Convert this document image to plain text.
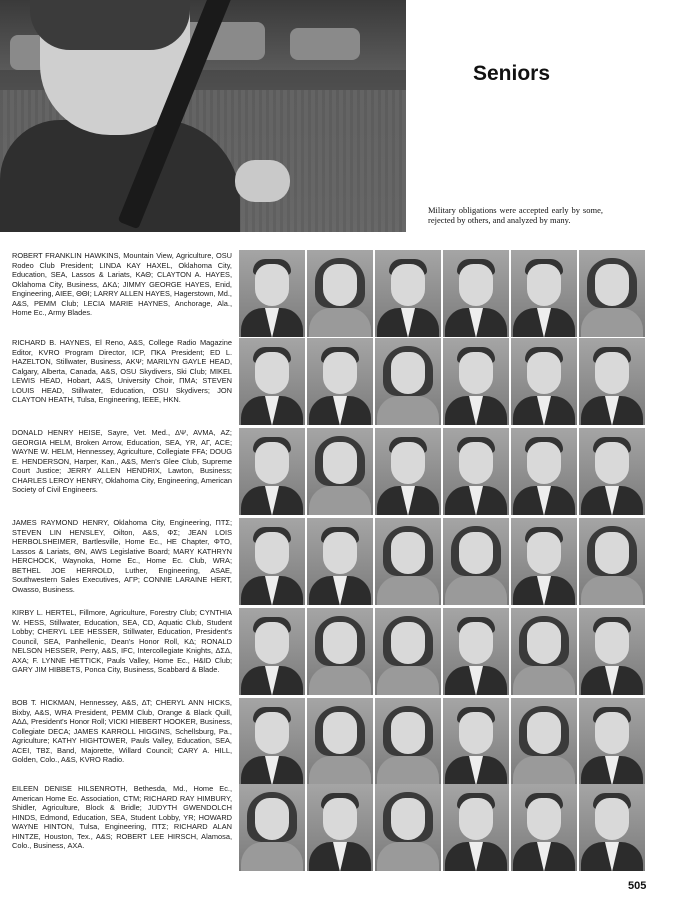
Seniors
Military obligations were accepted early by some, rejected by others, and analyzed by many.
ROBERT FRANKLIN HAWKINS, Mountain View, Agriculture, OSU Rodeo Club President; LINDA KAY HAXEL, Oklahoma City, Education, SEA, Lassos & Lariats, ΚΑΘ; CLAYTON A. HAYES, Oklahoma City, Business, ΔΚΔ; JIMMY GEORGE HAYES, Enid, Engineering, AIEE, ΘΘΙ; LARRY ALLEN HAYES, Hagerstown, Md., A&S, PEMM Club; LECIA MARIE HAYNES, Anchorage, Ala., Home Ec., Army Blades.
RICHARD B. HAYNES, El Reno, A&S, College Radio Magazine Editor, KVRO Program Director, ICP, ΠΚΑ President; ED L. HAZELTON, Stillwater, Business, ΑΚΨ; MARILYN GAYLE HEAD, Calgary, Alberta, Canada, A&S, OSU Skydivers, Ski Club; MIKEL LEWIS HEAD, Hobart, A&S, University Choir, ΠΜΑ; STEVEN LOUIS HEAD, Stillwater, Education, OSU Skydivers; JON CLAYTON HEATH, Tulsa, Engineering, IEEE, ΗΚΝ.
DONALD HENRY HEISE, Sayre, Vet. Med., ΔΨ, AVMA, ΑΖ; GEORGIA HELM, Broken Arrow, Education, SEA, YR, ΑΓ, ACE; WAYNE W. HELM, Hennessey, Agriculture, Collegiate FFA; DOUG E. HENDERSON, Harper, Kan., A&S, Men's Glee Club, Supreme Court Justice; JERRY ALLEN HENDRIX, Lawton, Business; CHARLES LEROY HENRY, Oklahoma City, Engineering, American Society of Civil Engineers.
JAMES RAYMOND HENRY, Oklahoma City, Engineering, ΠΤΣ; STEVEN LIN HENSLEY, Oilton, A&S, ΦΣ; JEAN LOIS HERBOLSHEIMER, Bartlesville, Home Ec., HE Chapter, ΦΤΟ, Lassos & Lariats, ΘΝ, AWS Legislative Board; MARY KATHRYN HERCHOCK, Waynoka, Home Ec., Home Ec. Club, WRA; BETHEL JOE HERROLD, Luther, Engineering, ASAE, Southwestern Sales Executives, ΑΓΡ; CONNIE LARAINE HERT, Owasso, Business.
KIRBY L. HERTEL, Fillmore, Agriculture, Forestry Club; CYNTHIA W. HESS, Stillwater, Education, SEA, CD, Aquatic Club, Student Lobby; CHERYL LEE HESSER, Stillwater, Education, President's Council, SEA, Panhellenic, Dean's Honor Roll, ΚΔ; RONALD NELSON HESSER, Perry, A&S, IFC, Intercollegiate Knights, ΔΣΔ, ΑΧΑ; F. LYNNE HETTICK, Pauls Valley, Home Ec., H&ID Club; GARY JIM HIBBETS, Ponca City, Business, Scabbard & Blade.
BOB T. HICKMAN, Hennessey, A&S, ΔΤ; CHERYL ANN HICKS, Bixby, A&S, WRA President, PEMM Club, Orange & Black Quill, ΑΔΔ, President's Honor Roll; VICKI HIEBERT HOOKER, Business, Collegiate DECA; JAMES KARROLL HIGGINS, Schellsburg, Pa., Agriculture; KATHY HIGHTOWER, Pauls Valley, Education, SEA, ACEI, ΤΒΣ, Band, Majorette, Willard Council; CARY A. HILL, Golden, Colo., A&S, KVRO Radio.
EILEEN DENISE HILSENROTH, Bethesda, Md., Home Ec., American Home Ec. Association, CTM; RICHARD RAY HIMBURY, Shidler, Agriculture, Block & Bridle; JUDYTH GWENDOLCH HINDS, Edmond, Education, SEA, Student Lobby, YR; HOWARD WAYNE HINTON, Tulsa, Engineering, ΠΤΣ; RICHARD ALAN HINTZE, Houston, Tex., A&S; ROBERT LEE HIRSCH, Alamosa, Colo., Business, ΑΧΑ.
505
